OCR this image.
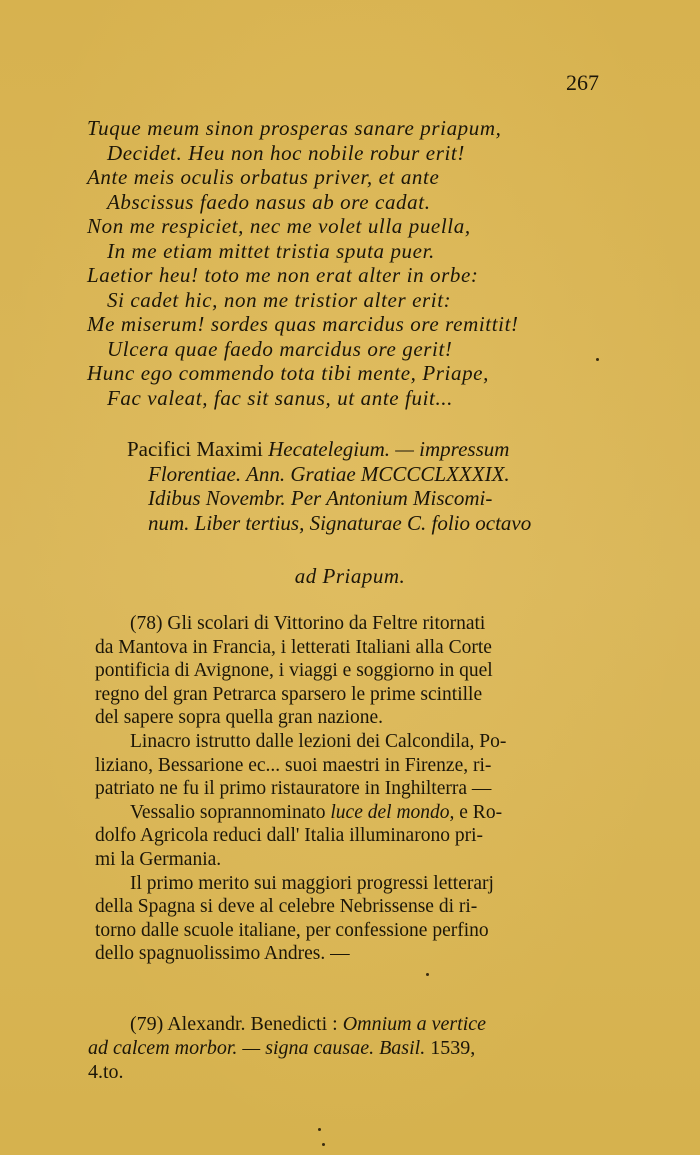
267
Tuque meum sinon prosperas sanare priapum,
Decidet. Heu non hoc nobile robur erit!
Ante meis oculis orbatus priver, et ante
Abscissus faedo nasus ab ore cadat.
Non me respiciet, nec me volet ulla puella,
In me etiam mittet tristia sputa puer.
Laetior heu! toto me non erat alter in orbe:
Si cadet hic, non me tristior alter erit:
Me miserum! sordes quas marcidus ore remittit!
Ulcera quae faedo marcidus ore gerit!
Hunc ego commendo tota tibi mente, Priape,
Fac valeat, fac sit sanus, ut ante fuit...
Pacifici Maximi Hecatelegium. — impressum
Florentiae. Ann. Gratiae MCCCCLXXXIX.
Idibus Novembr. Per Antonium Miscomi-
num. Liber tertius, Signaturae C. folio octavo
ad Priapum.
(78) Gli scolari di Vittorino da Feltre ritornati
da Mantova in Francia, i letterati Italiani alla Corte
pontificia di Avignone, i viaggi e soggiorno in quel
regno del gran Petrarca sparsero le prime scintille
del sapere sopra quella gran nazione.
Linacro istrutto dalle lezioni dei Calcondila, Po-
liziano, Bessarione ec... suoi maestri in Firenze, ri-
patriato ne fu il primo ristauratore in Inghilterra —
Vessalio soprannominato luce del mondo, e Ro-
dolfo Agricola reduci dall' Italia illuminarono pri-
mi la Germania.
Il primo merito sui maggiori progressi letterarj
della Spagna si deve al celebre Nebrissense di ri-
torno dalle scuole italiane, per confessione perfino
dello spagnuolissimo Andres. —
(79) Alexandr. Benedicti : Omnium a vertice
ad calcem morbor. — signa causae. Basil. 1539,
4.to.
